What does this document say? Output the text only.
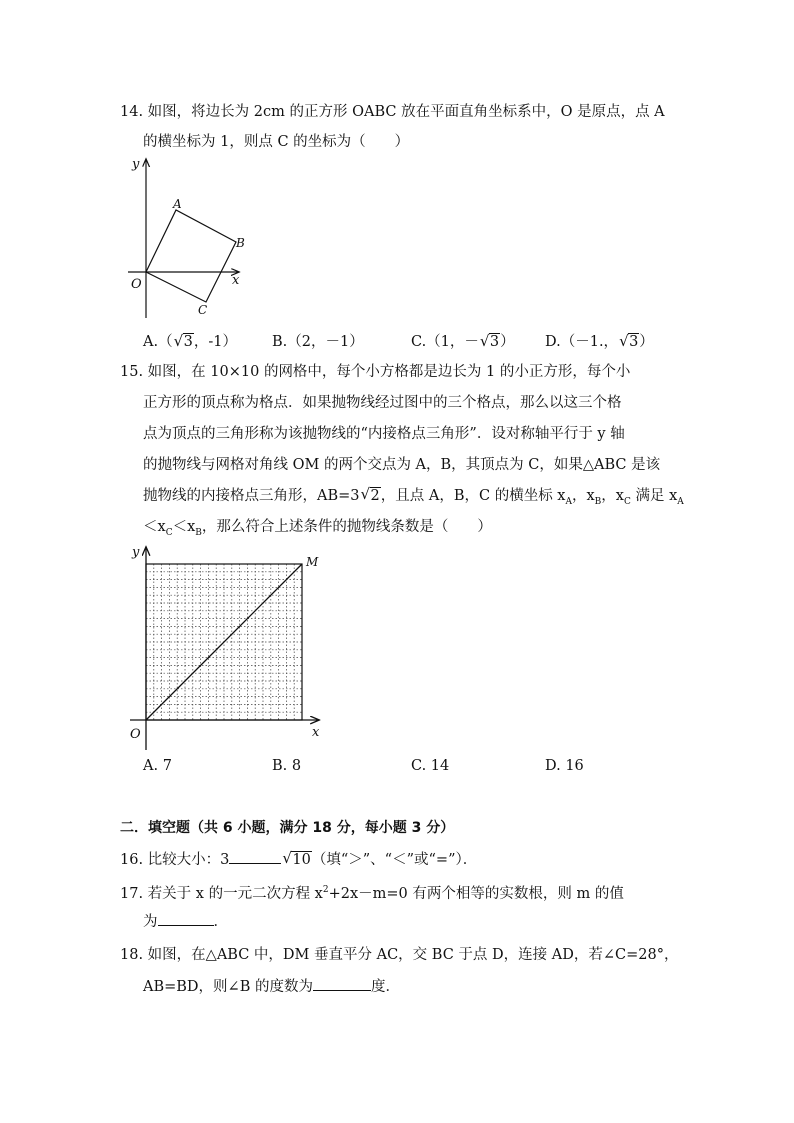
14. 如图，将边长为 2cm 的正方形 OABC 放在平面直角坐标系中，O 是原点，点 A
的横坐标为 1，则点 C 的坐标为（　　）
y
x
O
A
B
C
A.（ √ 3，-1） B.（2，－1）	C.（1，－ √ 3） D.（－1.， √ 3）
15. 如图，在 10×10 的网格中，每个小方格都是边长为 1 的小正方形，每个小
正方形的顶点称为格点．如果抛物线经过图中的三个格点，那么以这三个格
点为顶点的三角形称为该抛物线的“内接格点三角形”．设对称轴平行于 y 轴
的抛物线与网格对角线 OM 的两个交点为 A，B，其顶点为 C，如果△ABC 是该
抛物线的内接格点三角形，AB=3 √ 2，且点 A，B，C 的横坐标 $x_A$，$x_B$，$x_C$ 满足 $x_A$
$<x_C<x_B$，那么符合上述条件的抛物线条数是（　　）
y
x
O
M
A. 7	B. 8	C. 14	D. 16
二．填空题（共 6 小题，满分 18 分，每小题 3 分）
16. 比较大小：3	√ 10（填“＞”、“＜”或“=”）．
17. 若关于 x 的一元二次方程 $x^2+2x-m=0$ 有两个相等的实数根，则 m 的值
为	．
18. 如图，在△ABC 中，DM 垂直平分 AC，交 BC 于点 D，连接 AD，若∠C=28°，
AB=BD，则∠B 的度数为	度．
